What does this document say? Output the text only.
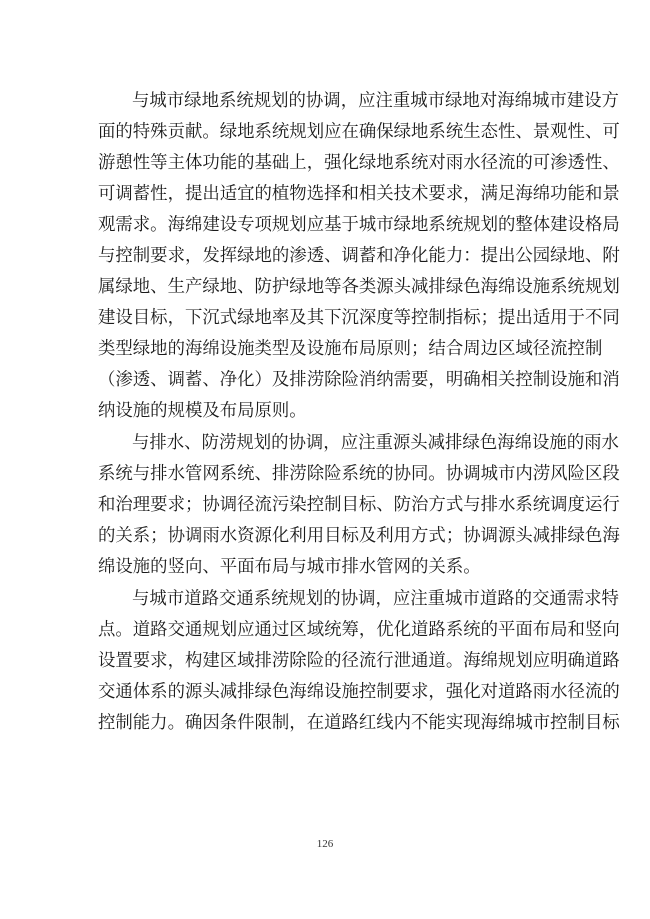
与城市绿地系统规划的协调，应注重城市绿地对海绵城市建设方
面的特殊贡献。绿地系统规划应在确保绿地系统生态性、景观性、可
游憩性等主体功能的基础上，强化绿地系统对雨水径流的可渗透性、
可调蓄性，提出适宜的植物选择和相关技术要求，满足海绵功能和景
观需求。海绵建设专项规划应基于城市绿地系统规划的整体建设格局
与控制要求，发挥绿地的渗透、调蓄和净化能力：提出公园绿地、附
属绿地、生产绿地、防护绿地等各类源头减排绿色海绵设施系统规划
建设目标，下沉式绿地率及其下沉深度等控制指标；提出适用于不同
类型绿地的海绵设施类型及设施布局原则；结合周边区域径流控制
（渗透、调蓄、净化）及排涝除险消纳需要，明确相关控制设施和消
纳设施的规模及布局原则。
与排水、防涝规划的协调，应注重源头减排绿色海绵设施的雨水
系统与排水管网系统、排涝除险系统的协同。协调城市内涝风险区段
和治理要求；协调径流污染控制目标、防治方式与排水系统调度运行
的关系；协调雨水资源化利用目标及利用方式；协调源头减排绿色海
绵设施的竖向、平面布局与城市排水管网的关系。
与城市道路交通系统规划的协调，应注重城市道路的交通需求特
点。道路交通规划应通过区域统筹，优化道路系统的平面布局和竖向
设置要求，构建区域排涝除险的径流行泄通道。海绵规划应明确道路
交通体系的源头减排绿色海绵设施控制要求，强化对道路雨水径流的
控制能力。确因条件限制，在道路红线内不能实现海绵城市控制目标
126
